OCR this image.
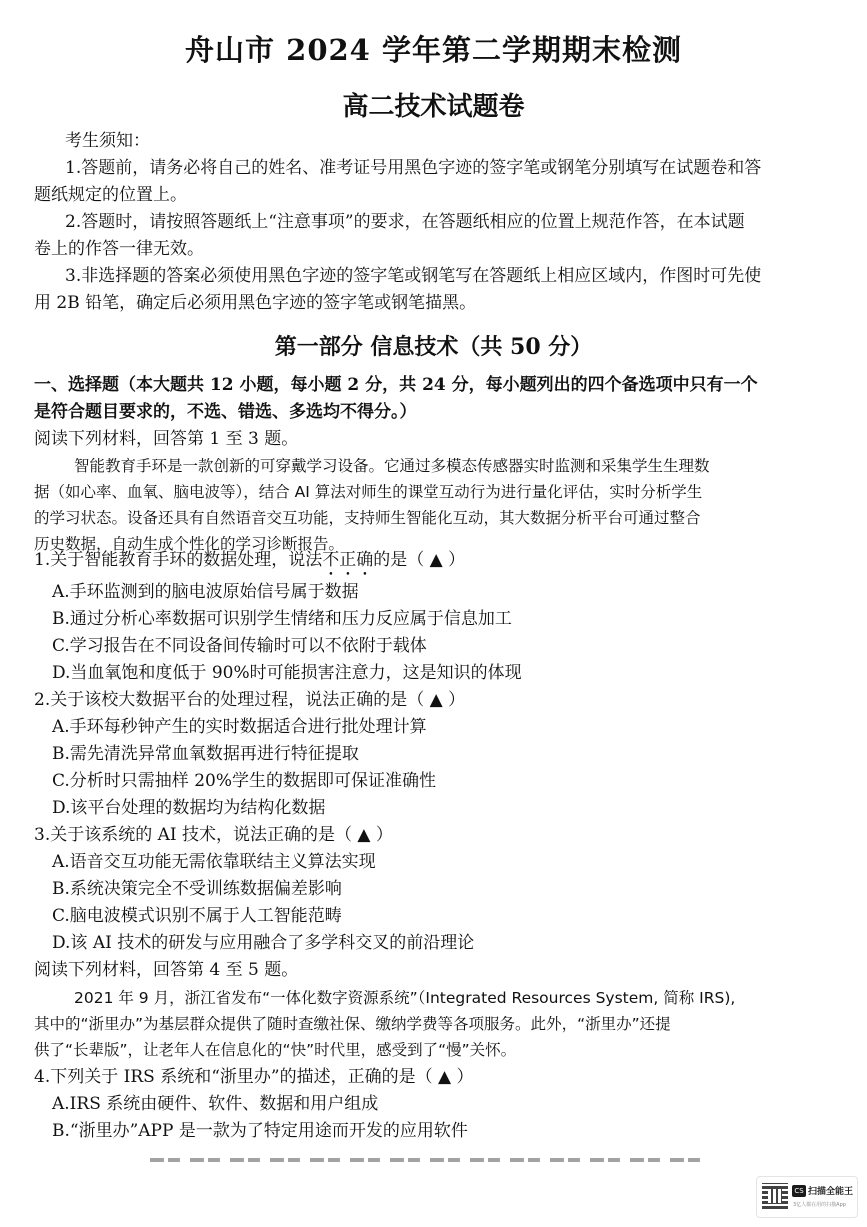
舟山市 2024 学年第二学期期末检测
高二技术试题卷
考生须知：
1.答题前，请务必将自己的姓名、准考证号用黑色字迹的签字笔或钢笔分别填写在试题卷和答
题纸规定的位置上。
2.答题时，请按照答题纸上“注意事项”的要求，在答题纸相应的位置上规范作答，在本试题
卷上的作答一律无效。
3.非选择题的答案必须使用黑色字迹的签字笔或钢笔写在答题纸上相应区域内，作图时可先使
用 2B 铅笔，确定后必须用黑色字迹的签字笔或钢笔描黑。
第一部分 信息技术（共 50 分）
一、选择题（本大题共 12 小题，每小题 2 分，共 24 分，每小题列出的四个备选项中只有一个
是符合题目要求的，不选、错选、多选均不得分。）
阅读下列材料，回答第 1 至 3 题。
智能教育手环是一款创新的可穿戴学习设备。它通过多模态传感器实时监测和采集学生生理数
据（如心率、血氧、脑电波等），结合 AI 算法对师生的课堂互动行为进行量化评估，实时分析学生
的学习状态。设备还具有自然语音交互功能，支持师生智能化互动，其大数据分析平台可通过整合
历史数据，自动生成个性化的学习诊断报告。
1.关于智能教育手环的数据处理，说法不正确的是（ ▲ ）
A.手环监测到的脑电波原始信号属于数据
B.通过分析心率数据可识别学生情绪和压力反应属于信息加工
C.学习报告在不同设备间传输时可以不依附于载体
D.当血氧饱和度低于 90%时可能损害注意力，这是知识的体现
2.关于该校大数据平台的处理过程，说法正确的是（ ▲ ）
A.手环每秒钟产生的实时数据适合进行批处理计算
B.需先清洗异常血氧数据再进行特征提取
C.分析时只需抽样 20%学生的数据即可保证准确性
D.该平台处理的数据均为结构化数据
3.关于该系统的 AI 技术，说法正确的是（ ▲ ）
A.语音交互功能无需依靠联结主义算法实现
B.系统决策完全不受训练数据偏差影响
C.脑电波模式识别不属于人工智能范畴
D.该 AI 技术的研发与应用融合了多学科交叉的前沿理论
阅读下列材料，回答第 4 至 5 题。
2021 年 9 月，浙江省发布“一体化数字资源系统”（Integrated Resources System, 简称 IRS),
其中的“浙里办”为基层群众提供了随时查缴社保、缴纳学费等各项服务。此外，“浙里办”还提
供了“长辈版”，让老年人在信息化的“快”时代里，感受到了“慢”关怀。
4.下列关于 IRS 系统和“浙里办”的描述，正确的是（ ▲ ）
A.IRS 系统由硬件、软件、数据和用户组成
B.“浙里办”APP 是一款为了特定用途而开发的应用软件
CS 扫描全能王
3亿人都在用的扫描App
